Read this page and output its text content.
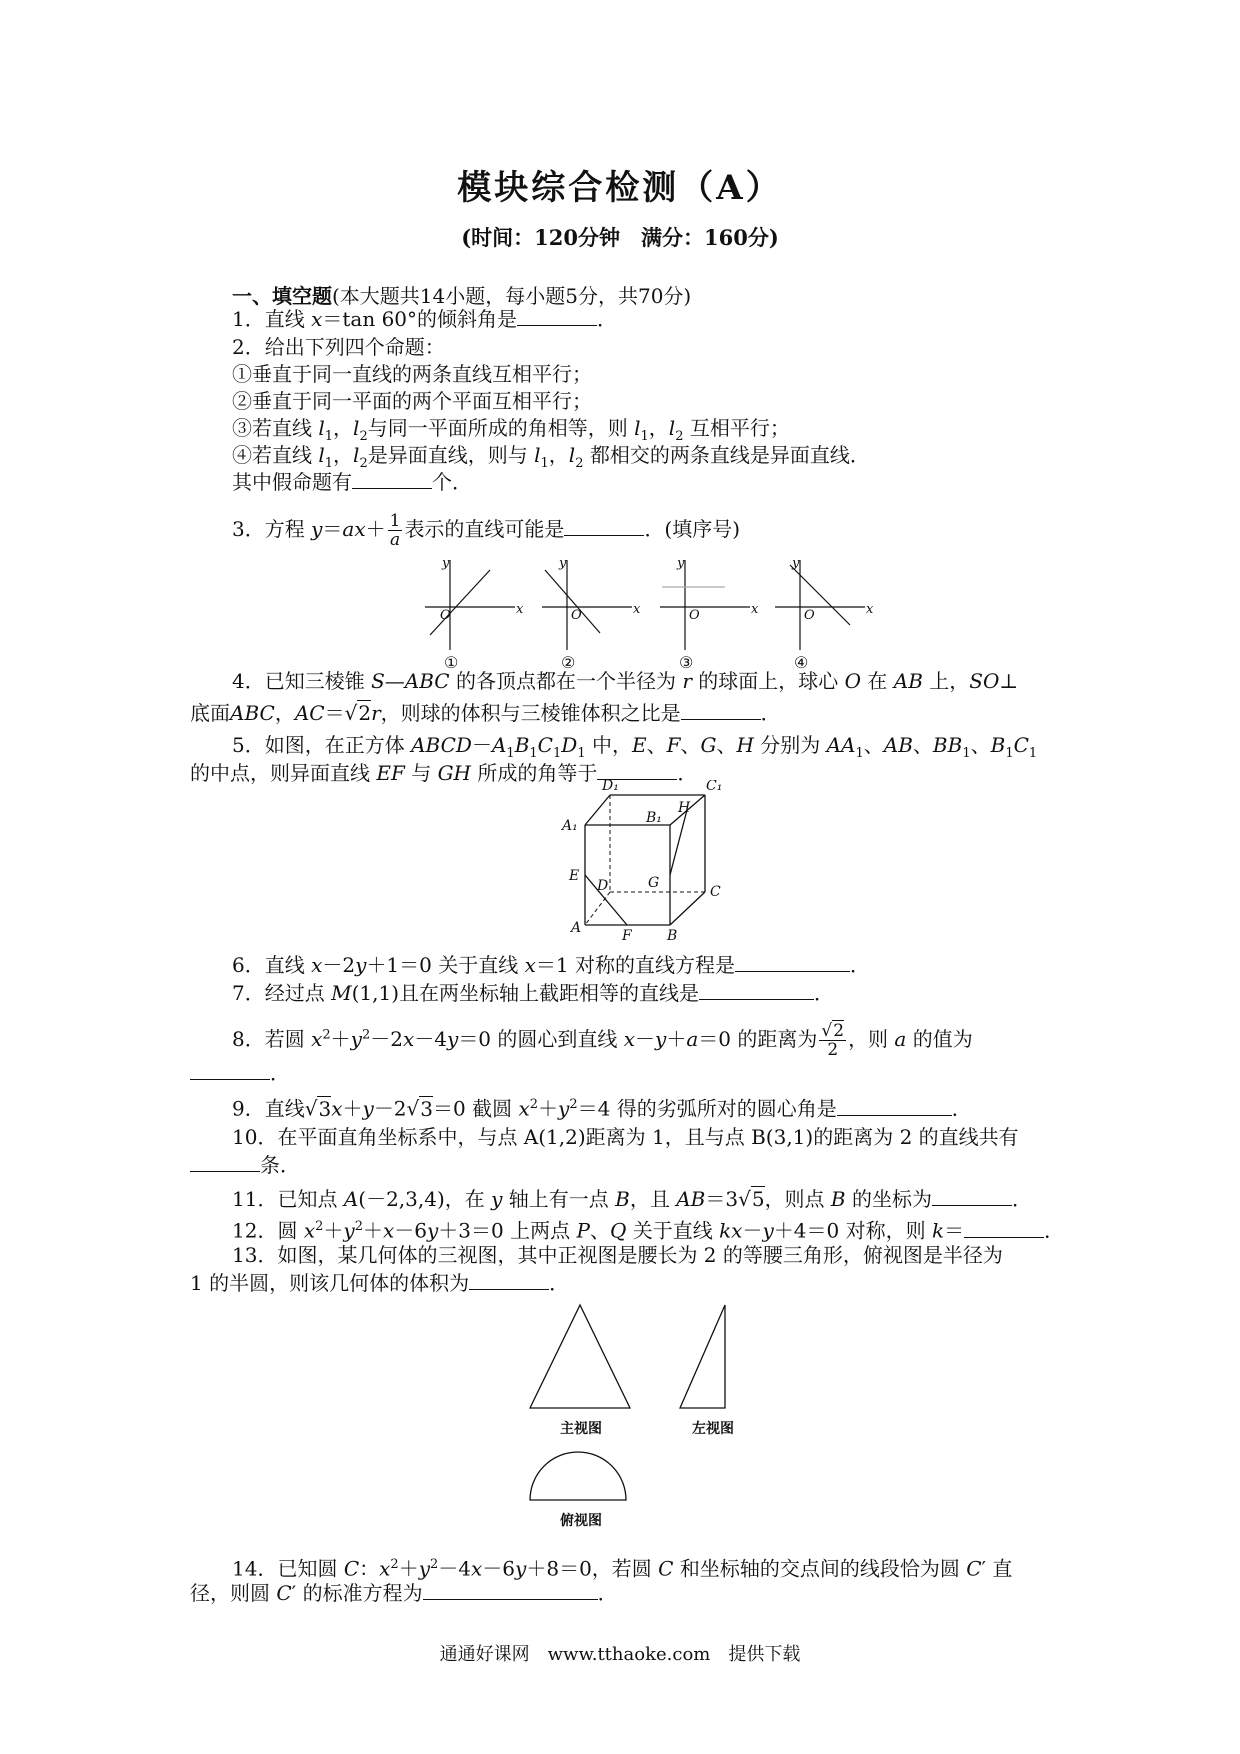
模块综合检测（A）
(时间：120分钟　满分：160分)
一、填空题(本大题共14小题，每小题5分，共70分)
1．直线 x＝tan 60°的倾斜角是	．
2．给出下列四个命题：
①垂直于同一直线的两条直线互相平行；
②垂直于同一平面的两个平面互相平行；
③若直线 $l_1$，$l_2$与同一平面所成的角相等，则 $l_1$，$l_2$ 互相平行；
④若直线 $l_1$，$l_2$是异面直线，则与 $l_1$，$l_2$ 都相交的两条直线是异面直线．
其中假命题有	个．
3．方程 $y=ax+ \frac{1}{a}$ 表示的直线可能是	．(填序号)
y
x
O
y
x
O
y
x
O
y
x
O
①	②	③	④
4．已知三棱锥 S—ABC 的各顶点都在一个半径为 r 的球面上，球心 O 在 AB 上，SO⊥
底面ABC，AC＝√2r，则球的体积与三棱锥体积之比是	．
5．如图，在正方体 $ABCD-A_1B_1C_1D_1$ 中，E、F、G、H 分别为 $AA_1$、AB、$BB_1$、$B_1C_1$
的中点，则异面直线 EF 与 GH 所成的角等于	．
D₁	C₁
A₁	B₁
H
E
D	G
C
A	F	B
6．直线 x－2y＋1＝0 关于直线 x＝1 对称的直线方程是	．
7．经过点 M(1,1)且在两坐标轴上截距相等的直线是	．
8．若圆 $x^2+y^2-2x-4y=0$ 的圆心到直线 x－y＋a＝0 的距离为 $\frac{√2}{2}$ ，则 a 的值为
．
9．直线√3x＋y－2√3＝0 截圆 $x^2+y^2=4$ 得的劣弧所对的圆心角是	．
10．在平面直角坐标系中，与点 A(1,2)距离为 1，且与点 B(3,1)的距离为 2 的直线共有
条．
11．已知点 A(－2,3,4)，在 y 轴上有一点 B，且 AB＝3√5，则点 B 的坐标为	．
12．圆 $x^2+y^2+x-6y+3=0$ 上两点 P、Q 关于直线 kx－y＋4＝0 对称，则 k＝	．
13．如图，某几何体的三视图，其中正视图是腰长为 2 的等腰三角形，俯视图是半径为
1 的半圆，则该几何体的体积为	．
主视图	左视图
俯视图
14．已知圆 C：$x^2+y^2-4x-6y+8=0$，若圆 C 和坐标轴的交点间的线段恰为圆 C′ 直
径，则圆 C′ 的标准方程为	．
通通好课网　www.tthaoke.com　提供下载
